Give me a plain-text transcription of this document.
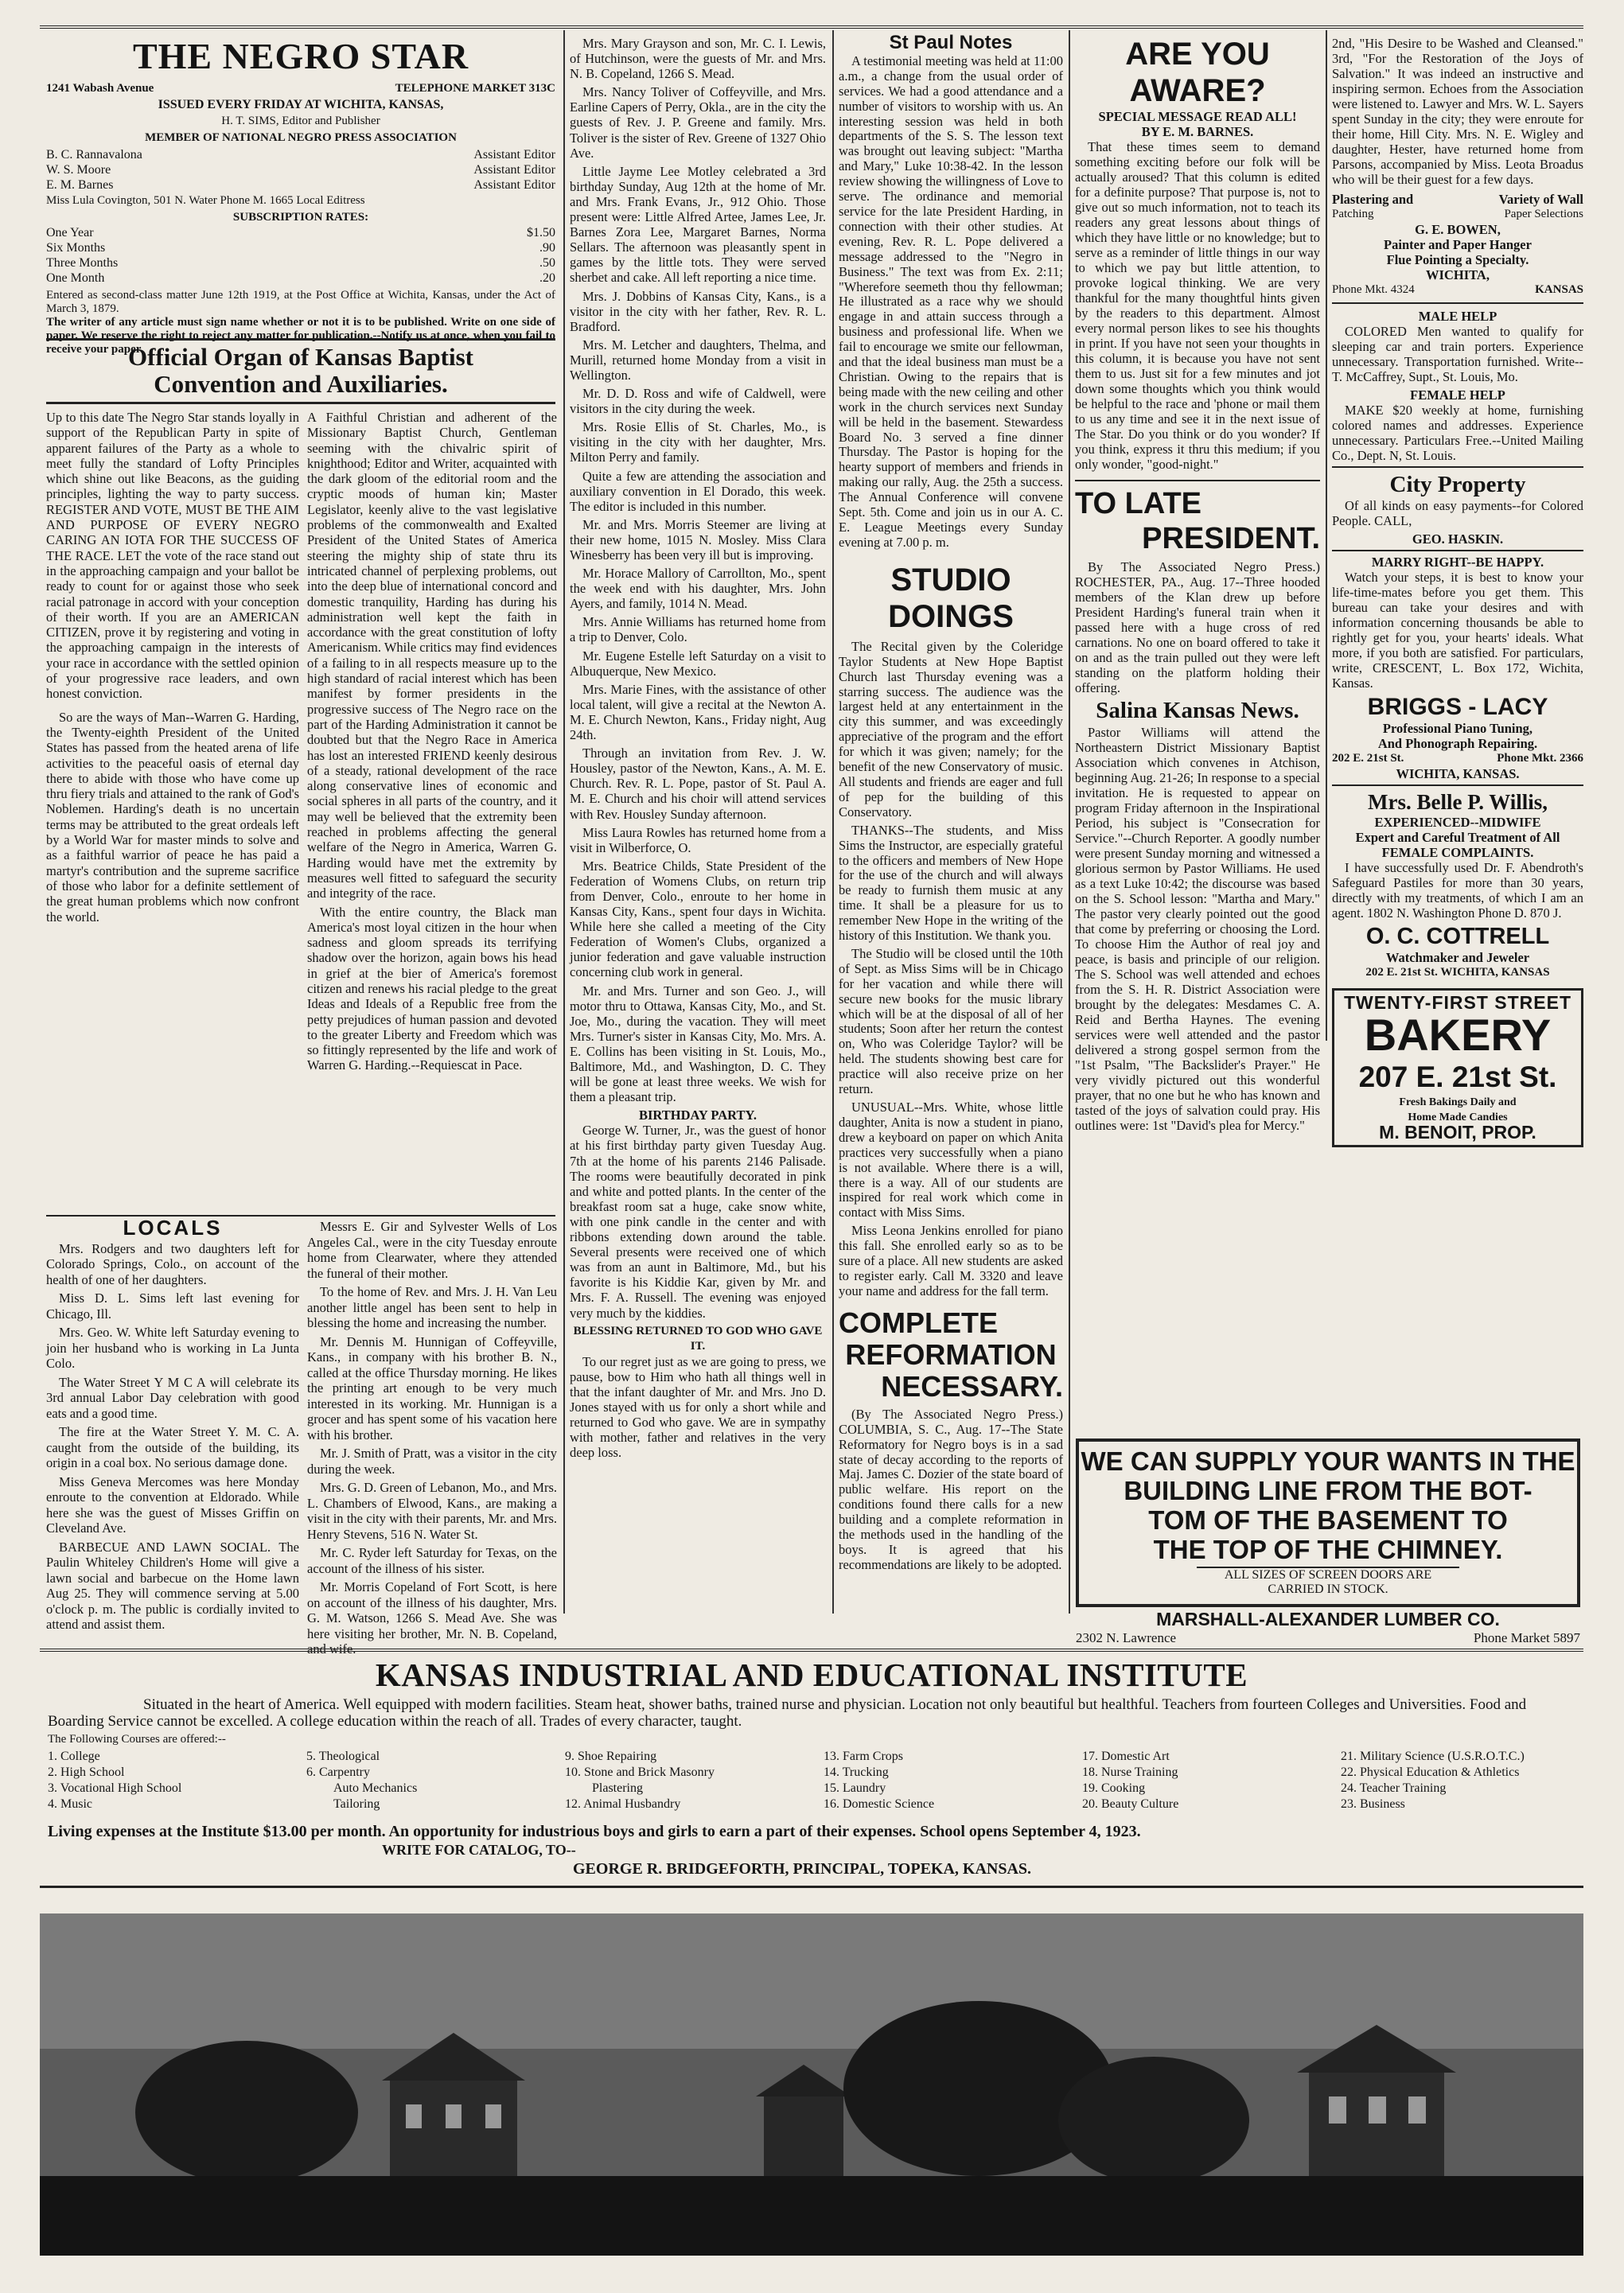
THE NEGRO STAR
1241 Wabash Avenue	TELEPHONE MARKET 313C
ISSUED EVERY FRIDAY AT WICHITA, KANSAS,
H. T. SIMS, Editor and Publisher
MEMBER OF NATIONAL NEGRO PRESS ASSOCIATION
B. C. Rannavalona	Assistant Editor
W. S. Moore	Assistant Editor
E. M. Barnes	Assistant Editor
Miss Lula Covington, 501 N. Water Phone M. 1665 Local Editress
SUBSCRIPTION RATES:
One Year	$1.50
Six Months	.90
Three Months	.50
One Month	.20
Entered as second-class matter June 12th 1919, at the Post Office at Wichita, Kansas, under the Act of March 3, 1879.
The writer of any article must sign name whether or not it is to be published. Write on one side of paper. We reserve the right to reject any matter for publication.--Notify us at once, when you fail to receive your paper.
Official Organ of Kansas Baptist
Convention and Auxiliaries.

Up to this date The Negro Star stands loyally in support of the Republican Party in spite of apparent failures of the Party as a whole to meet fully the standard of Lofty Principles which shine out like Beacons, as the guiding principles, lighting the way to party success. REGISTER AND VOTE, MUST BE THE AIM AND PURPOSE OF EVERY NEGRO CARING AN IOTA FOR THE SUCCESS OF THE RACE. LET the vote of the race stand out in the approaching campaign and your ballot be ready to count for or against those who seek racial patronage in accord with your conception of their worth. If you are an AMERICAN CITIZEN, prove it by registering and voting in the approaching campaign in the interests of your race in accordance with the settled opinion of your progressive race leaders, and own honest conviction.

So are the ways of Man--Warren G. Harding, the Twenty-eighth President of the United States has passed from the heated arena of life activities to the peaceful oasis of eternal day there to abide with those who have come up thru fiery trials and attained to the rank of God's Noblemen. Harding's death is no uncertain terms may be attributed to the great ordeals left by a World War for master minds to solve and as a faithful warrior of peace he has paid a martyr's contribution and the supreme sacrifice of those who labor for a definite settlement of the great human problems which now confront the world.

A Faithful Christian and adherent of the Missionary Baptist Church, Gentleman seeming with the chivalric spirit of knighthood; Editor and Writer, acquainted with the dark gloom of the editorial room and the cryptic moods of human kin; Master Legislator, keenly alive to the vast legislative problems of the commonwealth and Exalted President of the United States of America steering the mighty ship of state thru its intricated channel of perplexing problems, out into the deep blue of international concord and domestic tranquility, Harding has during his administration well kept the faith in accordance with the great constitution of lofty Americanism. While critics may find evidences of a failing to in all respects measure up to the high standard of racial interest which has been manifest by former presidents in the progressive success of The Negro race on the part of the Harding Administration it cannot be doubted but that the Negro Race in America has lost an interested FRIEND keenly desirous of a steady, rational development of the race along conservative lines of economic and social spheres in all parts of the country, and it may well be believed that the extremity been reached in problems affecting the general welfare of the Negro in America, Warren G. Harding would have met the extremity by measures well fitted to safeguard the security and integrity of the race.

With the entire country, the Black man America's most loyal citizen in the hour when sadness and gloom spreads its terrifying shadow over the horizon, again bows his head in grief at the bier of America's foremost citizen and renews his racial pledge to the great Ideas and Ideals of a Republic free from the petty prejudices of human passion and devoted to the greater Liberty and Freedom which was so fittingly represented by the life and work of Warren G. Harding.--Requiescat in Pace.

LOCALS

Mrs. Rodgers and two daughters left for Colorado Springs, Colo., on account of the health of one of her daughters.

Miss D. L. Sims left last evening for Chicago, Ill.

Mrs. Geo. W. White left Saturday evening to join her husband who is working in La Junta Colo.

The Water Street Y M C A will celebrate its 3rd annual Labor Day celebration with good eats and a good time.

The fire at the Water Street Y. M. C. A. caught from the outside of the building, its origin in a coal box. No serious damage done.

Miss Geneva Mercomes was here Monday enroute to the convention at Eldorado. While here she was the guest of Misses Griffin on Cleveland Ave.

BARBECUE AND LAWN SOCIAL. The Paulin Whiteley Children's Home will give a lawn social and barbecue on the Home lawn Aug 25. They will commence serving at 5.00 o'clock p. m. The public is cordially invited to attend and assist them.

Messrs E. Gir and Sylvester Wells of Los Angeles Cal., were in the city Tuesday enroute home from Clearwater, where they attended the funeral of their mother.

To the home of Rev. and Mrs. J. H. Van Leu another little angel has been sent to help in blessing the home and increasing the number.

Mr. Dennis M. Hunnigan of Coffeyville, Kans., in company with his brother B. N., called at the office Thursday morning. He likes the printing art enough to be very much interested in its working. Mr. Hunnigan is a grocer and has spent some of his vacation here with his brother.

Mr. J. Smith of Pratt, was a visitor in the city during the week.

Mrs. G. D. Green of Lebanon, Mo., and Mrs. L. Chambers of Elwood, Kans., are making a visit in the city with their parents, Mr. and Mrs. Henry Stevens, 516 N. Water St.

Mr. C. Ryder left Saturday for Texas, on the account of the illness of his sister.

Mr. Morris Copeland of Fort Scott, is here on account of the illness of his daughter, Mrs. G. M. Watson, 1266 S. Mead Ave. She was here visiting her brother, Mr. N. B. Copeland, and wife.

Mrs. Mary Grayson and son, Mr. C. I. Lewis, of Hutchinson, were the guests of Mr. and Mrs. N. B. Copeland, 1266 S. Mead.

Mrs. Nancy Toliver of Coffeyville, and Mrs. Earline Capers of Perry, Okla., are in the city the guests of Rev. J. P. Greene and family. Mrs. Toliver is the sister of Rev. Greene of 1327 Ohio Ave.

Little Jayme Lee Motley celebrated a 3rd birthday Sunday, Aug 12th at the home of Mr. and Mrs. Frank Evans, Jr., 912 Ohio. Those present were: Little Alfred Artee, James Lee, Jr. Barnes Zora Lee, Margaret Barnes, Norma Sellars. The afternoon was pleasantly spent in games by the little tots. They were served sherbet and cake. All left reporting a nice time.

Mrs. J. Dobbins of Kansas City, Kans., is a visitor in the city with her father, Rev. R. L. Bradford.

Mrs. M. Letcher and daughters, Thelma, and Murill, returned home Monday from a visit in Wellington.

Mr. D. D. Ross and wife of Caldwell, were visitors in the city during the week.

Mrs. Rosie Ellis of St. Charles, Mo., is visiting in the city with her daughter, Mrs. Milton Perry and family.

Quite a few are attending the association and auxiliary convention in El Dorado, this week. The editor is included in this number.

Mr. and Mrs. Morris Steemer are living at their new home, 1015 N. Mosley. Miss Clara Winesberry has been very ill but is improving.

Mr. Horace Mallory of Carrollton, Mo., spent the week end with his daughter, Mrs. John Ayers, and family, 1014 N. Mead.

Mrs. Annie Williams has returned home from a trip to Denver, Colo.

Mr. Eugene Estelle left Saturday on a visit to Albuquerque, New Mexico.

Mrs. Marie Fines, with the assistance of other local talent, will give a recital at the Newton A. M. E. Church Newton, Kans., Friday night, Aug 24th.

Through an invitation from Rev. J. W. Housley, pastor of the Newton, Kans., A. M. E. Church. Rev. R. L. Pope, pastor of St. Paul A. M. E. Church and his choir will attend services with Rev. Housley Sunday afternoon.

Miss Laura Rowles has returned home from a visit in Wilberforce, O.

Mrs. Beatrice Childs, State President of the Federation of Womens Clubs, on return trip from Denver, Colo., enroute to her home in Kansas City, Kans., spent four days in Wichita. While here she called a meeting of the City Federation of Women's Clubs, organized a junior federation and gave valuable instruction concerning club work in general.

Mr. and Mrs. Turner and son Geo. J., will motor thru to Ottawa, Kansas City, Mo., and St. Joe, Mo., during the vacation. They will meet Mrs. Turner's sister in Kansas City, Mo. Mrs. A. E. Collins has been visiting in St. Louis, Mo., Baltimore, Md., and Washington, D. C. They will be gone at least three weeks. We wish for them a pleasant trip.

BIRTHDAY PARTY.

George W. Turner, Jr., was the guest of honor at his first birthday party given Tuesday Aug. 7th at the home of his parents 2146 Palisade. The rooms were beautifully decorated in pink and white and potted plants. In the center of the breakfast room sat a huge, cake snow white, with one pink candle in the center and with ribbons extending down around the table. Several presents were received one of which was from an aunt in Baltimore, Md., but his favorite is his Kiddie Kar, given by Mr. and Mrs. F. A. Russell. The evening was enjoyed very much by the kiddies.

BLESSING RETURNED TO GOD WHO GAVE IT.

To our regret just as we are going to press, we pause, bow to Him who hath all things well in that the infant daughter of Mr. and Mrs. Jno D. Jones stayed with us for only a short while and returned to God who gave. We are in sympathy with mother, father and relatives in the very deep loss.

St Paul Notes

A testimonial meeting was held at 11:00 a.m., a change from the usual order of services. We had a good attendance and a number of visitors to worship with us. An interesting session was held in both departments of the S. S. The lesson text was brought out leaving subject: "Martha and Mary," Luke 10:38-42. In the lesson review showing the willingness of Love to serve. The ordinance and memorial service for the late President Harding, in connection with their other studies. At evening, Rev. R. L. Pope delivered a message addressed to the "Negro in Business." The text was from Ex. 2:11; "Wherefore seemeth thou thy fellowman; He illustrated as a race why we should engage in and attain success through a business and professional life. When we fail to encourage we smite our fellowman, and that the ideal business man must be a Christian. Owing to the repairs that is being made with the new ceiling and other work in the church services next Sunday will be held in the basement. Stewardess Board No. 3 served a fine dinner Thursday. The Pastor is hoping for the hearty support of members and friends in making our rally, Aug. the 25th a success. The Annual Conference will convene Sept. 5th. Come and join us in our A. C. E. League Meetings every Sunday evening at 7.00 p. m.

STUDIO DOINGS

The Recital given by the Coleridge Taylor Students at New Hope Baptist Church last Thursday evening was a starring success. The audience was the largest held at any entertainment in the city this summer, and was exceedingly appreciative of the program and the effort for which it was given; namely; for the benefit of the new Conservatory of music. All students and friends are eager and full of pep for the building of this Conservatory.

THANKS--The students, and Miss Sims the Instructor, are especially grateful to the officers and members of New Hope for the use of the church and will always be ready to furnish them music at any time. It shall be a pleasure for us to remember New Hope in the writing of the history of this Institution. We thank you.

The Studio will be closed until the 10th of Sept. as Miss Sims will be in Chicago for her vacation and while there will secure new books for the music library which will be at the disposal of all of her students; Soon after her return the contest on, Who was Coleridge Taylor? will be held. The students showing best care for practice will also receive prize on her return.

UNUSUAL--Mrs. White, whose little daughter, Anita is now a student in piano, drew a keyboard on paper on which Anita practices very successfully when a piano is not available. Where there is a will, there is a way. All of our students are inspired for real work which come in contact with Miss Sims.

Miss Leona Jenkins enrolled for piano this fall. She enrolled early so as to be sure of a place. All new students are asked to register early. Call M. 3320 and leave your name and address for the fall term.

COMPLETE
REFORMATION
NECESSARY.

(By The Associated Negro Press.) COLUMBIA, S. C., Aug. 17--The State Reformatory for Negro boys is in a sad state of decay according to the reports of Maj. James C. Dozier of the state board of public welfare. His report on the conditions found there calls for a new building and a complete reformation in the methods used in the handling of the boys. It is agreed that his recommendations are likely to be adopted.

ARE YOU AWARE?
SPECIAL MESSAGE READ ALL!
BY E. M. BARNES.

That these times seem to demand something exciting before our folk will be actually aroused? That this column is edited for a definite purpose? That purpose is, not to give out so much information, not to teach its readers any great lessons about things of which they have little or no knowledge; but to serve as a reminder of little things in our way to which we pay but little attention, to provoke logical thinking. We are very thankful for the many thoughtful hints given by the readers to this department. Almost every normal person likes to see his thoughts in print. If you have not seen your thoughts in this column, it is because you have not sent them to us. Just sit for a few minutes and jot down some thoughts which you think would be helpful to the race and 'phone or mail them to us any time and see it in the next issue of The Star. Do you think or do you wonder? If you think, express it thru this medium; if you only wonder, "good-night."

TO LATE
PRESIDENT.

By The Associated Negro Press.) ROCHESTER, PA., Aug. 17--Three hooded members of the Klan drew up before President Harding's funeral train when it passed here with a huge cross of red carnations. No one on board offered to take it on and as the train pulled out they were left standing on the platform holding their offering.

Salina Kansas News.

Pastor Williams will attend the Northeastern District Missionary Baptist Association which convenes in Atchison, beginning Aug. 21-26; In response to a special invitation. He is requested to appear on program Friday afternoon in the Inspirational Period, his subject is "Consecration for Service."--Church Reporter. A goodly number were present Sunday morning and witnessed a glorious sermon by Pastor Williams. He used as a text Luke 10:42; the discourse was based on the S. School lesson: "Martha and Mary." The pastor very clearly pointed out the good that come by preferring or choosing the Lord. To choose Him the Author of real joy and peace, is basis and principle of our religion. The S. School was well attended and echoes from the S. H. R. District Association were brought by the delegates: Mesdames C. A. Reid and Bertha Haynes. The evening services were well attended and the pastor delivered a strong gospel sermon from the "1st Psalm, "The Backslider's Prayer." He very vividly pictured out this wonderful prayer, that no one but he who has known and tasted of the joys of salvation could pray. His outlines were: 1st "David's plea for Mercy."

2nd, "His Desire to be Washed and Cleansed." 3rd, "For the Restoration of the Joys of Salvation." It was indeed an instructive and inspiring sermon. Echoes from the Association were listened to. Lawyer and Mrs. W. L. Sayers spent Sunday in the city; they were enroute for their home, Hill City. Mrs. N. E. Wigley and daughter, Hester, have returned home from Parsons, accompanied by Miss. Leota Broadus who will be their guest for a few days.

Plastering and	Variety of Wall
Patching	Paper Selections
G. E. BOWEN,
Painter and Paper Hanger
Flue Pointing a Specialty.
WICHITA,
Phone Mkt. 4324	KANSAS
MALE HELP

COLORED Men wanted to qualify for sleeping car and train porters. Experience unnecessary. Transportation furnished. Write--T. McCaffrey, Supt., St. Louis, Mo.

FEMALE HELP

MAKE $20 weekly at home, furnishing colored names and addresses. Experience unnecessary. Particulars Free.--United Mailing Co., Dept. N, St. Louis.

City Property

Of all kinds on easy payments--for Colored People. CALL,

GEO. HASKIN.
MARRY RIGHT--BE HAPPY.

Watch your steps, it is best to know your life-time-mates before you get them. This bureau can take your desires and with information concerning thousands be able to rightly get for you, your hearts' ideals. What more, if you both are satisfied. For particulars, write, CRESCENT, L. Box 172, Wichita, Kansas.

BRIGGS - LACY
Professional Piano Tuning,
And Phonograph Repairing.
202 E. 21st St.	Phone Mkt. 2366
WICHITA, KANSAS.
Mrs. Belle P. Willis,
EXPERIENCED--MIDWIFE
Expert and Careful Treatment of All
FEMALE COMPLAINTS.

I have successfully used Dr. F. Abendroth's Safeguard Pastiles for more than 30 years, directly with my treatments, of which I am an agent. 1802 N. Washington Phone D. 870 J.

O. C. COTTRELL
Watchmaker and Jeweler
202 E. 21st St. WICHITA, KANSAS
TWENTY-FIRST STREET
BAKERY
207 E. 21st St.
Fresh Bakings Daily and
Home Made Candies
M. BENOIT, PROP.
WE CAN SUPPLY YOUR WANTS IN THE
BUILDING LINE FROM THE BOT-
TOM OF THE BASEMENT TO
THE TOP OF THE CHIMNEY.
ALL SIZES OF SCREEN DOORS ARE
CARRIED IN STOCK.
MARSHALL-ALEXANDER LUMBER CO.
2302 N. Lawrence	Phone Market 5897
KANSAS INDUSTRIAL AND EDUCATIONAL INSTITUTE
Situated in the heart of America. Well equipped with modern facilities. Steam heat, shower baths, trained nurse and physician. Location not only beautiful but healthful. Teachers from fourteen Colleges and Universities. Food and Boarding Service cannot be excelled. A college education within the reach of all. Trades of every character, taught.
The Following Courses are offered:--
1. College
2. High School
3. Vocational High School
4. Music
5. Theological
6. Carpentry
Auto Mechanics
Tailoring
9. Shoe Repairing
10. Stone and Brick Masonry
Plastering
12. Animal Husbandry
13. Farm Crops
14. Trucking
15. Laundry
16. Domestic Science
17. Domestic Art
18. Nurse Training
19. Cooking
20. Beauty Culture
21. Military Science (U.S.R.O.T.C.)
22. Physical Education & Athletics
24. Teacher Training
23. Business
Living expenses at the Institute $13.00 per month. An opportunity for industrious boys and girls to earn a part of their expenses. School opens September 4, 1923.
WRITE FOR CATALOG, TO--
GEORGE R. BRIDGEFORTH, PRINCIPAL, TOPEKA, KANSAS.
